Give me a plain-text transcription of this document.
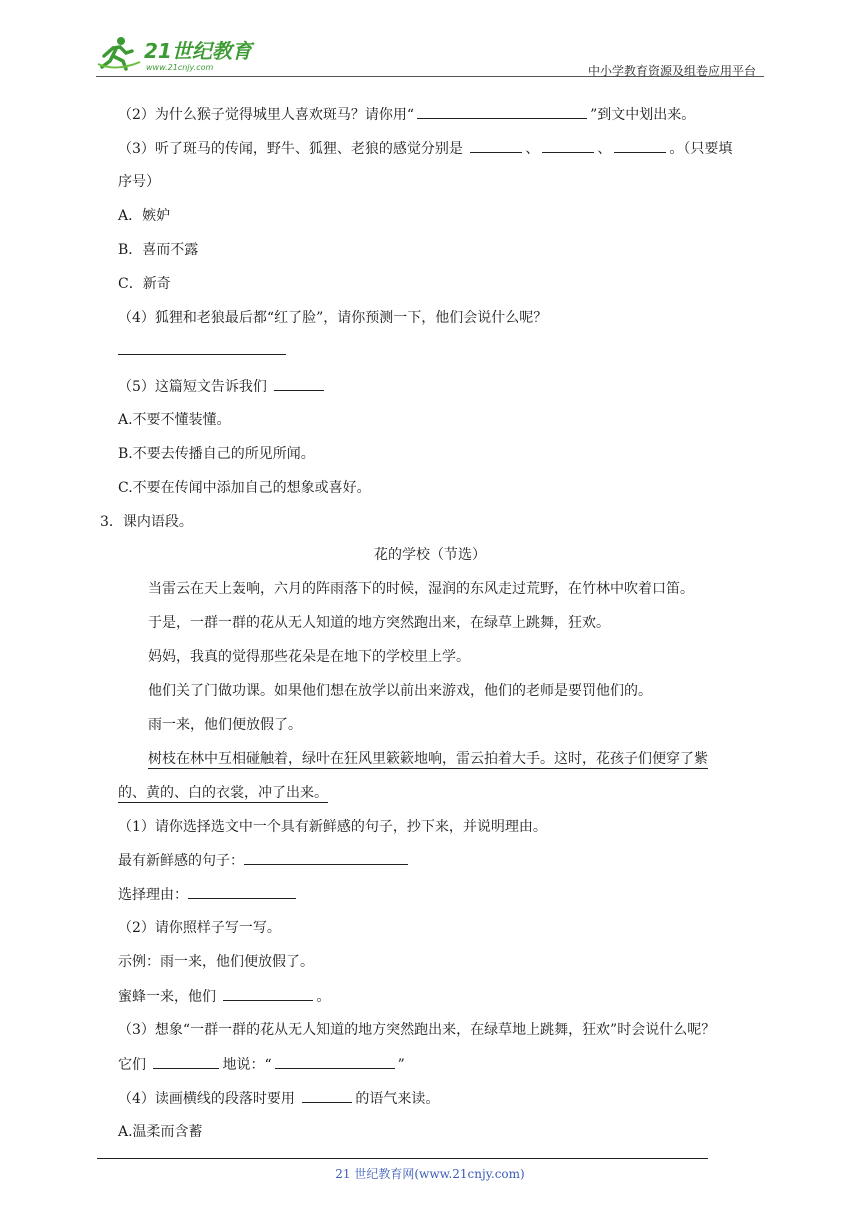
21世纪教育
www.21cnjy.com	中小学教育资源及组卷应用平台
（2）为什么猴子觉得城里人喜欢斑马？请你用“	”到文中划出来。
（3）听了斑马的传闻，野牛、狐狸、老狼的感觉分别是	、	、	。（只要填
序号）
A．嫉妒
B．喜而不露
C．新奇
（4）狐狸和老狼最后都“红了脸”，请你预测一下，他们会说什么呢？
（5）这篇短文告诉我们
A.不要不懂装懂。
B.不要去传播自己的所见所闻。
C.不要在传闻中添加自己的想象或喜好。
3．课内语段。
花的学校（节选）
当雷云在天上轰响，六月的阵雨落下的时候，湿润的东风走过荒野，在竹林中吹着口笛。
于是，一群一群的花从无人知道的地方突然跑出来，在绿草上跳舞，狂欢。
妈妈，我真的觉得那些花朵是在地下的学校里上学。
他们关了门做功课。如果他们想在放学以前出来游戏，他们的老师是要罚他们的。
雨一来，他们便放假了。
树枝在林中互相碰触着，绿叶在狂风里簌簌地响，雷云拍着大手。这时，花孩子们便穿了紫
的、黄的、白的衣裳，冲了出来。
（1）请你选择选文中一个具有新鲜感的句子，抄下来，并说明理由。
最有新鲜感的句子：
选择理由：
（2）请你照样子写一写。
示例：雨一来，他们便放假了。
蜜蜂一来，他们	。
（3）想象“一群一群的花从无人知道的地方突然跑出来，在绿草地上跳舞，狂欢”时会说什么呢？
它们	地说：“	”
（4）读画横线的段落时要用	的语气来读。
A.温柔而含蓄
21 世纪教育网(www.21cnjy.com)
